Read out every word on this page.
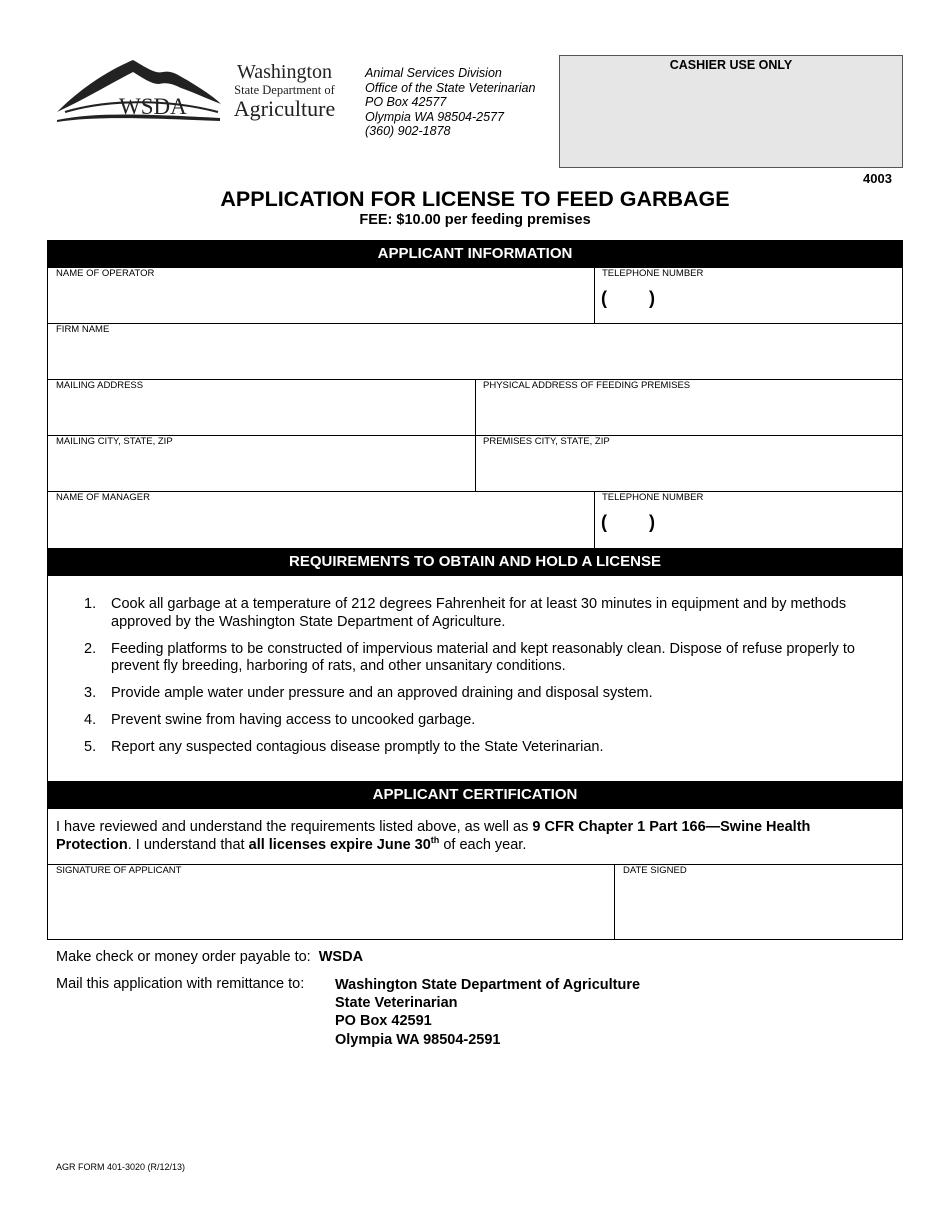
WSDA
Washington
State Department of
Agriculture
Animal Services Division
Office of the State Veterinarian
PO Box 42577
Olympia WA 98504-2577
(360) 902-1878
CASHIER USE ONLY
4003
APPLICATION FOR LICENSE TO FEED GARBAGE
FEE: $10.00 per feeding premises
APPLICANT INFORMATION
NAME OF OPERATOR	TELEPHONE NUMBER
( )
FIRM NAME
MAILING ADDRESS	PHYSICAL ADDRESS OF FEEDING PREMISES
MAILING CITY, STATE, ZIP	PREMISES CITY, STATE, ZIP
NAME OF MANAGER	TELEPHONE NUMBER
( )
REQUIREMENTS TO OBTAIN AND HOLD A LICENSE
1.	Cook all garbage at a temperature of 212 degrees Fahrenheit for at least 30 minutes in equipment and by methods approved by the Washington State Department of Agriculture.
2.	Feeding platforms to be constructed of impervious material and kept reasonably clean. Dispose of refuse properly to prevent fly breeding, harboring of rats, and other unsanitary conditions.
3.	Provide ample water under pressure and an approved draining and disposal system.
4.	Prevent swine from having access to uncooked garbage.
5.	Report any suspected contagious disease promptly to the State Veterinarian.
APPLICANT CERTIFICATION
I have reviewed and understand the requirements listed above, as well as 9 CFR Chapter 1 Part 166—Swine Health Protection. I understand that all licenses expire June 30th of each year.
SIGNATURE OF APPLICANT	DATE SIGNED
Make check or money order payable to: WSDA
Mail this application with remittance to: Washington State Department of Agriculture
State Veterinarian
PO Box 42591
Olympia WA 98504-2591
AGR FORM 401-3020 (R/12/13)
